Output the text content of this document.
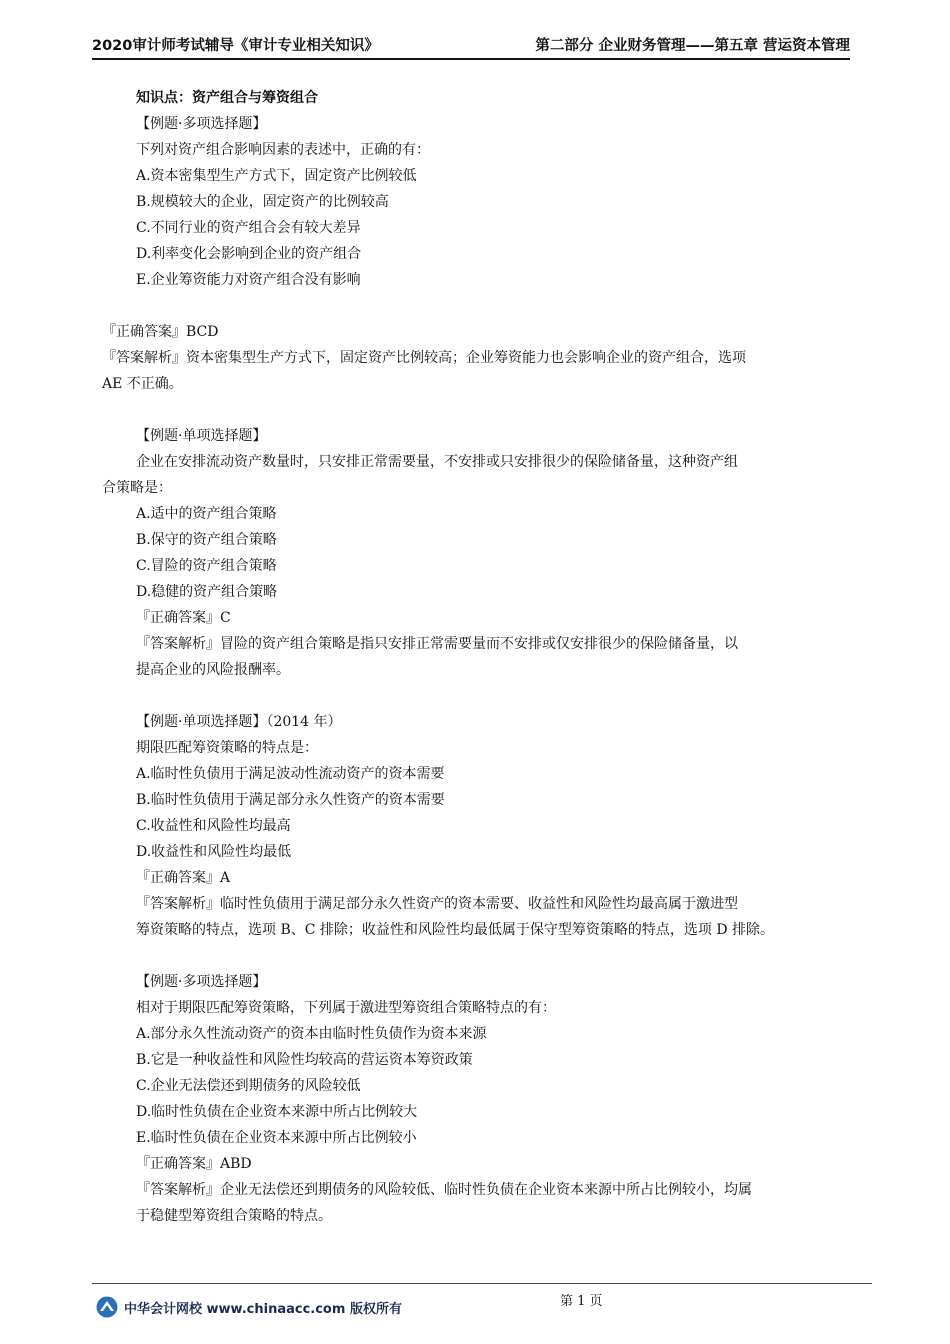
2020审计师考试辅导《审计专业相关知识》	第二部分 企业财务管理——第五章 营运资本管理
知识点：资产组合与筹资组合
【例题·多项选择题】
下列对资产组合影响因素的表述中，正确的有：
A.资本密集型生产方式下，固定资产比例较低
B.规模较大的企业，固定资产的比例较高
C.不同行业的资产组合会有较大差异
D.利率变化会影响到企业的资产组合
E.企业筹资能力对资产组合没有影响
『正确答案』BCD
『答案解析』资本密集型生产方式下，固定资产比例较高；企业筹资能力也会影响企业的资产组合，选项
AE 不正确。
【例题·单项选择题】
企业在安排流动资产数量时，只安排正常需要量，不安排或只安排很少的保险储备量，这种资产组
合策略是：
A.适中的资产组合策略
B.保守的资产组合策略
C.冒险的资产组合策略
D.稳健的资产组合策略
『正确答案』C
『答案解析』冒险的资产组合策略是指只安排正常需要量而不安排或仅安排很少的保险储备量，以
提高企业的风险报酬率。
【例题·单项选择题】（2014 年）
期限匹配筹资策略的特点是：
A.临时性负债用于满足波动性流动资产的资本需要
B.临时性负债用于满足部分永久性资产的资本需要
C.收益性和风险性均最高
D.收益性和风险性均最低
『正确答案』A
『答案解析』临时性负债用于满足部分永久性资产的资本需要、收益性和风险性均最高属于激进型
筹资策略的特点，选项 B、C 排除；收益性和风险性均最低属于保守型筹资策略的特点，选项 D 排除。
【例题·多项选择题】
相对于期限匹配筹资策略，下列属于激进型筹资组合策略特点的有：
A.部分永久性流动资产的资本由临时性负债作为资本来源
B.它是一种收益性和风险性均较高的营运资本筹资政策
C.企业无法偿还到期债务的风险较低
D.临时性负债在企业资本来源中所占比例较大
E.临时性负债在企业资本来源中所占比例较小
『正确答案』ABD
『答案解析』企业无法偿还到期债务的风险较低、临时性负债在企业资本来源中所占比例较小，均属
于稳健型筹资组合策略的特点。
第 1 页
中华会计网校 www.chinaacc.com 版权所有
